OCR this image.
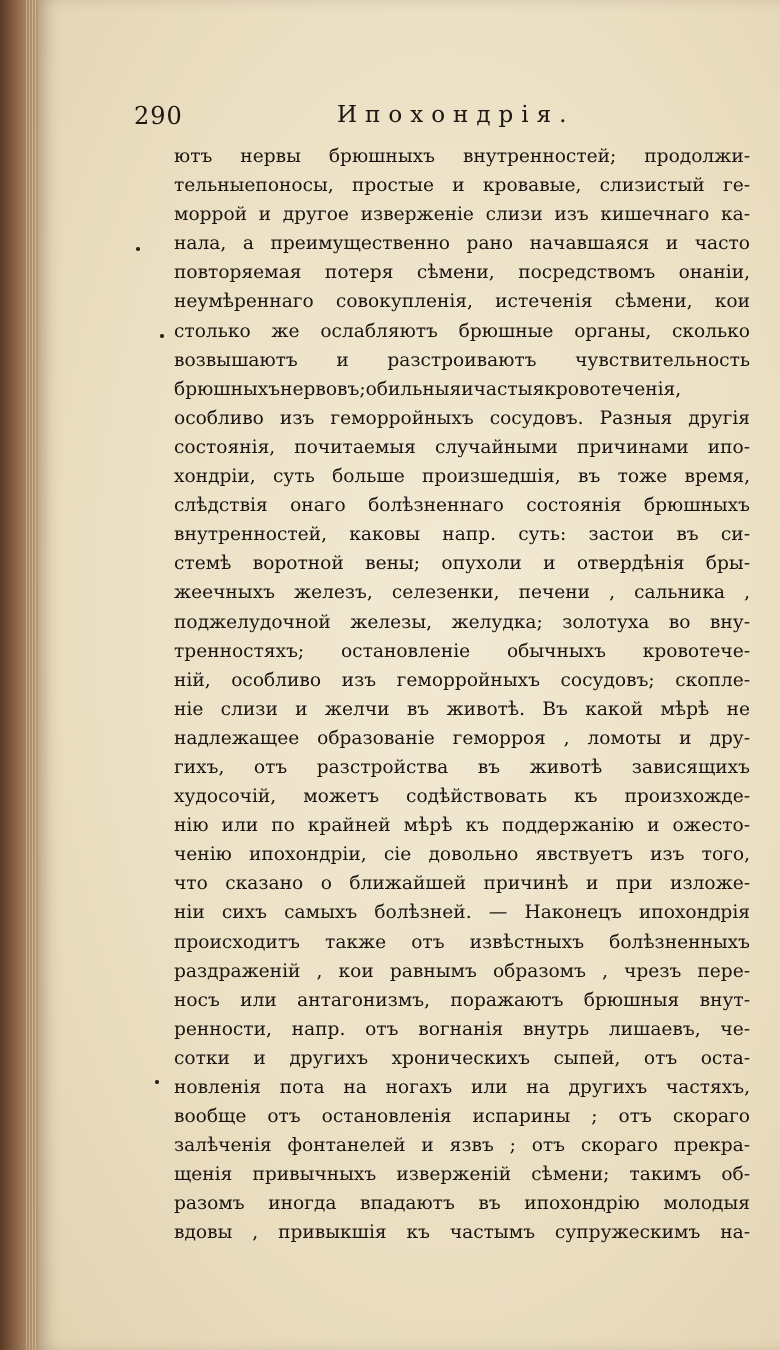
290	Ипохондрія.
ютъ нервы брюшныхъ внутренностей; продолжи-
тельныепоносы, простые и кровавые, слизистый ге-
моррой и другое изверженіе слизи изъ кишечнаго ка-
нала, а преимущественно рано начавшаяся и часто
повторяемая потеря сѣмени, посредствомъ онаніи,
неумѣреннаго совокупленія, истеченія сѣмени, кои
столько же ослабляютъ брюшные органы, сколько
возвышаютъ и разстроиваютъ чувствительность
брюшныхънервовъ;обильныяичастыякровотеченія,
особливо изъ геморройныхъ сосудовъ. Разныя другія
состоянія, почитаемыя случайными причинами ипо-
хондріи, суть больше произшедшія, въ тоже время,
слѣдствія онаго болѣзненнаго состоянія брюшныхъ
внутренностей, каковы напр. суть: застои въ си-
стемѣ воротной вены; опухоли и отвердѣнія бры-
жеечныхъ железъ, селезенки, печени , сальника ,
поджелудочной железы, желудка; золотуха во вну-
тренностяхъ; остановленіе обычныхъ кровотече-
ній, особливо изъ геморройныхъ сосудовъ; скопле-
ніе слизи и желчи въ животѣ. Въ какой мѣрѣ не
надлежащее образованіе геморроя , ломоты и дру-
гихъ, отъ разстройства въ животѣ зависящихъ
худосочій, можетъ содѣйствовать къ произхожде-
нію или по крайней мѣрѣ къ поддержанію и ожесто-
ченію ипохондріи, сіе довольно явствуетъ изъ того,
что сказано о ближайшей причинѣ и при изложе-
ніи сихъ самыхъ болѣзней. — Наконецъ ипохондрія
происходитъ также отъ извѣстныхъ болѣзненныхъ
раздраженій , кои равнымъ образомъ , чрезъ пере-
носъ или антагонизмъ, поражаютъ брюшныя внут-
ренности, напр. отъ вогнанія внутрь лишаевъ, че-
сотки и другихъ хроническихъ сыпей, отъ оста-
новленія пота на ногахъ или на другихъ частяхъ,
вообще отъ остановленія испарины ; отъ скораго
залѣченія фонтанелей и язвъ ; отъ скораго прекра-
щенія привычныхъ изверженій сѣмени; такимъ об-
разомъ иногда впадаютъ въ ипохондрію молодыя
вдовы , привыкшія къ частымъ супружескимъ на-
